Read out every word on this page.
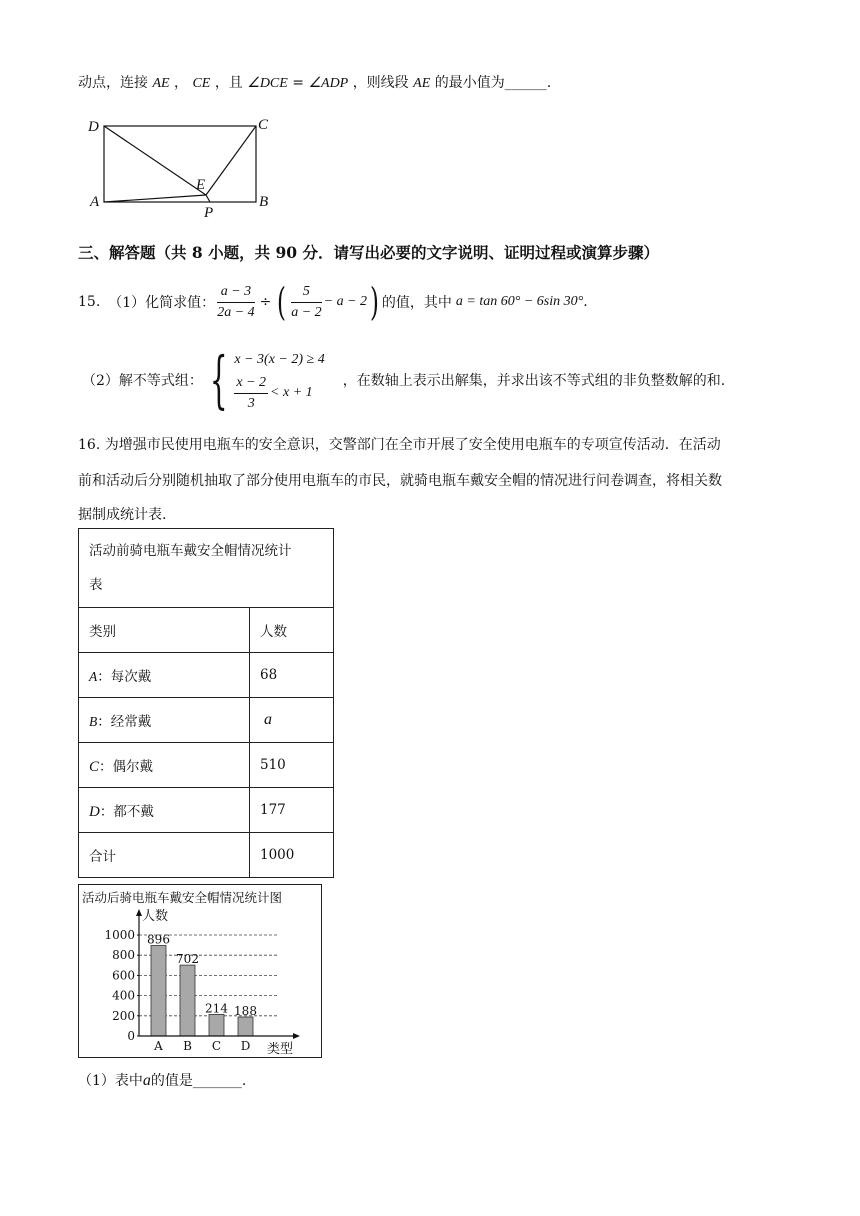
动点，连接 AE ， CE ，且 ∠DCE = ∠ADP ，则线段 AE 的最小值为______.
D	C
A	B
E
P
三、解答题（共 8 小题，共 90 分．请写出必要的文字说明、证明过程或演算步骤）
15. （1）化简求值： $\frac{a - 3}{2a - 4}$ ÷ ( $\frac{5}{a - 2} - a - 2$ ) 的值，其中 a = tan 60° − 6sin 30° .
（2）解不等式组： { x − 3(x − 2) ≥ 4
$\frac{x - 2}{3} < x + 1$
，在数轴上表示出解集，并求出该不等式组的非负整数解的和.
16. 为增强市民使用电瓶车的安全意识，交警部门在全市开展了安全使用电瓶车的专项宣传活动．在活动
前和活动后分别随机抽取了部分使用电瓶车的市民，就骑电瓶车戴安全帽的情况进行问卷调查，将相关数
据制成统计表.
活动前骑电瓶车戴安全帽情况统计
表	

类别	人数
A：每次戴	68
B：经常戴	a
C：偶尔戴	510
D：都不戴	177
合计	1000
活动后骑电瓶车戴安全帽情况统计图
人数
类型
896
702
214 188
0
200
400
600
800
1000
A B C D
（1）表中a的值是_______.
